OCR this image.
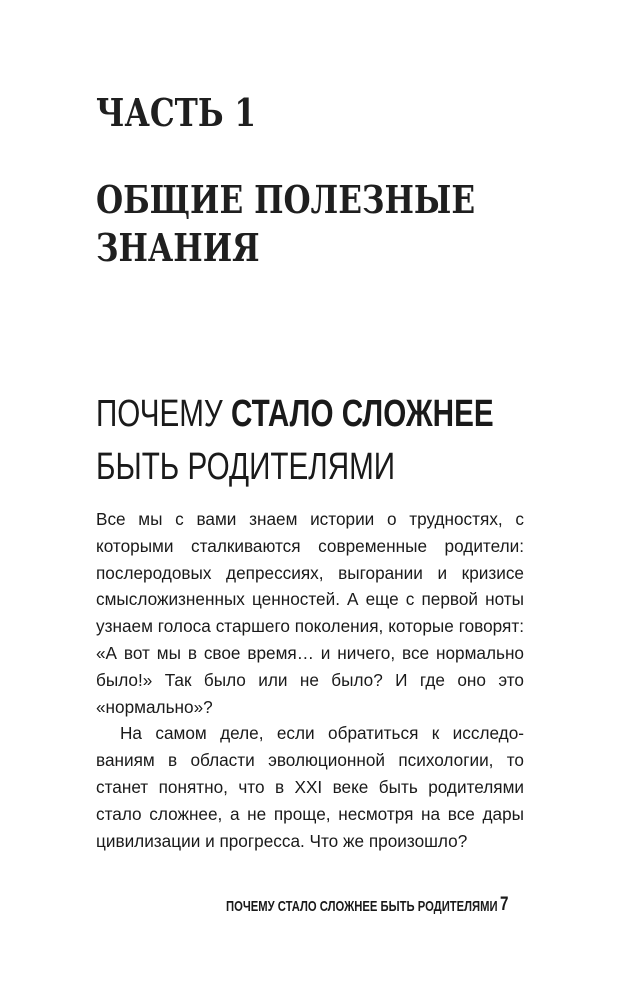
ЧАСТЬ 1
ОБЩИЕ ПОЛЕЗНЫЕ
ЗНАНИЯ
ПОЧЕМУ СТАЛО СЛОЖНЕЕ
БЫТЬ РОДИТЕЛЯМИ

Все мы с вами знаем истории о трудностях, с которыми сталкиваются современные родители: послеродовых депрессиях, выгорании и кризисе смысложизненных ценностей. А еще с первой ноты узнаем голоса старшего поколения, которые говорят: «А вот мы в свое время… и ничего, все нормально было!» Так было или не было? И где оно это «нормально»?

На самом деле, если обратиться к исследованиям в области эволюционной психологии, то станет понятно, что в XXI веке быть родителями стало сложнее, а не проще, несмотря на все дары цивилизации и прогресса. Что же произошло?

ПОЧЕМУ СТАЛО СЛОЖНЕЕ БЫТЬ РОДИТЕЛЯМИ 7
